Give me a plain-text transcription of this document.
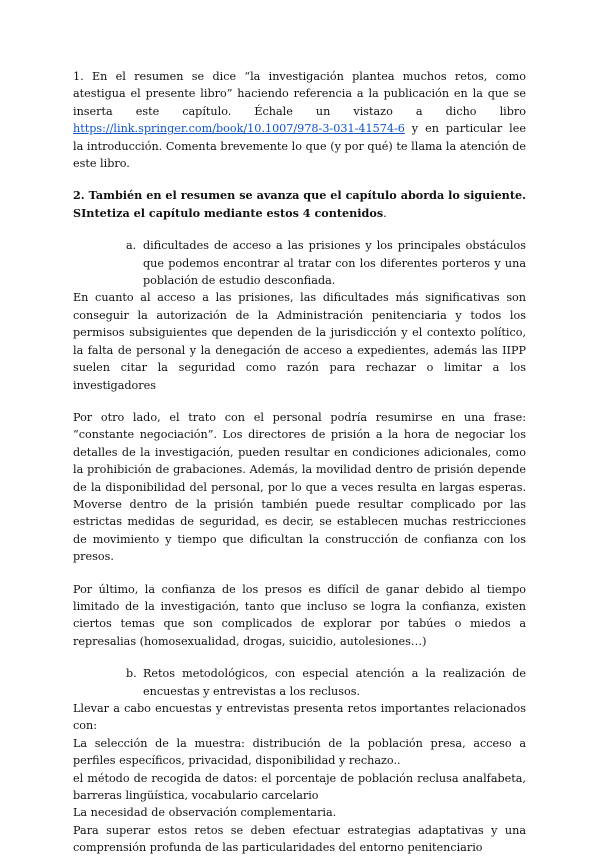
1. En el resumen se dice “la investigación plantea muchos retos, como atestigua el presente libro” haciendo referencia a la publicación en la que se inserta este capítulo. Échale un vistazo a dicho libro https://link.springer.com/book/10.1007/978-3-031-41574-6 y en particular lee la introducción. Comenta brevemente lo que (y por qué) te llama la atención de este libro.

2. También en el resumen se avanza que el capítulo aborda lo siguiente. SIntetiza el capítulo mediante estos 4 contenidos.

a. dificultades de acceso a las prisiones y los principales obstáculos que podemos encontrar al tratar con los diferentes porteros y una población de estudio desconfiada.

En cuanto al acceso a las prisiones, las dificultades más significativas son conseguir la autorización de la Administración penitenciaria y todos los permisos subsiguientes que dependen de la jurisdicción y el contexto político, la falta de personal y la denegación de acceso a expedientes, además las IIPP suelen citar la seguridad como razón para rechazar o limitar a los investigadores

Por otro lado, el trato con el personal podría resumirse en una frase: “constante negociación”. Los directores de prisión a la hora de negociar los detalles de la investigación, pueden resultar en condiciones adicionales, como la prohibición de grabaciones. Además, la movilidad dentro de prisión depende de la disponibilidad del personal, por lo que a veces resulta en largas esperas. Moverse dentro de la prisión también puede resultar complicado por las estrictas medidas de seguridad, es decir, se establecen muchas restricciones de movimiento y tiempo que dificultan la construcción de confianza con los presos.

Por último, la confianza de los presos es difícil de ganar debido al tiempo limitado de la investigación, tanto que incluso se logra la confianza, existen ciertos temas que son complicados de explorar por tabúes o miedos a represalias (homosexualidad, drogas, suicidio, autolesiones…)

b. Retos metodológicos, con especial atención a la realización de encuestas y entrevistas a los reclusos.

Llevar a cabo encuestas y entrevistas presenta retos importantes relacionados con:

La selección de la muestra: distribución de la población presa, acceso a perfiles específicos, privacidad, disponibilidad y rechazo..

el método de recogida de datos: el porcentaje de población reclusa analfabeta, barreras lingüística, vocabulario carcelario

La necesidad de observación complementaria.

Para superar estos retos se deben efectuar estrategias adaptativas y una comprensión profunda de las particularidades del entorno penitenciario
